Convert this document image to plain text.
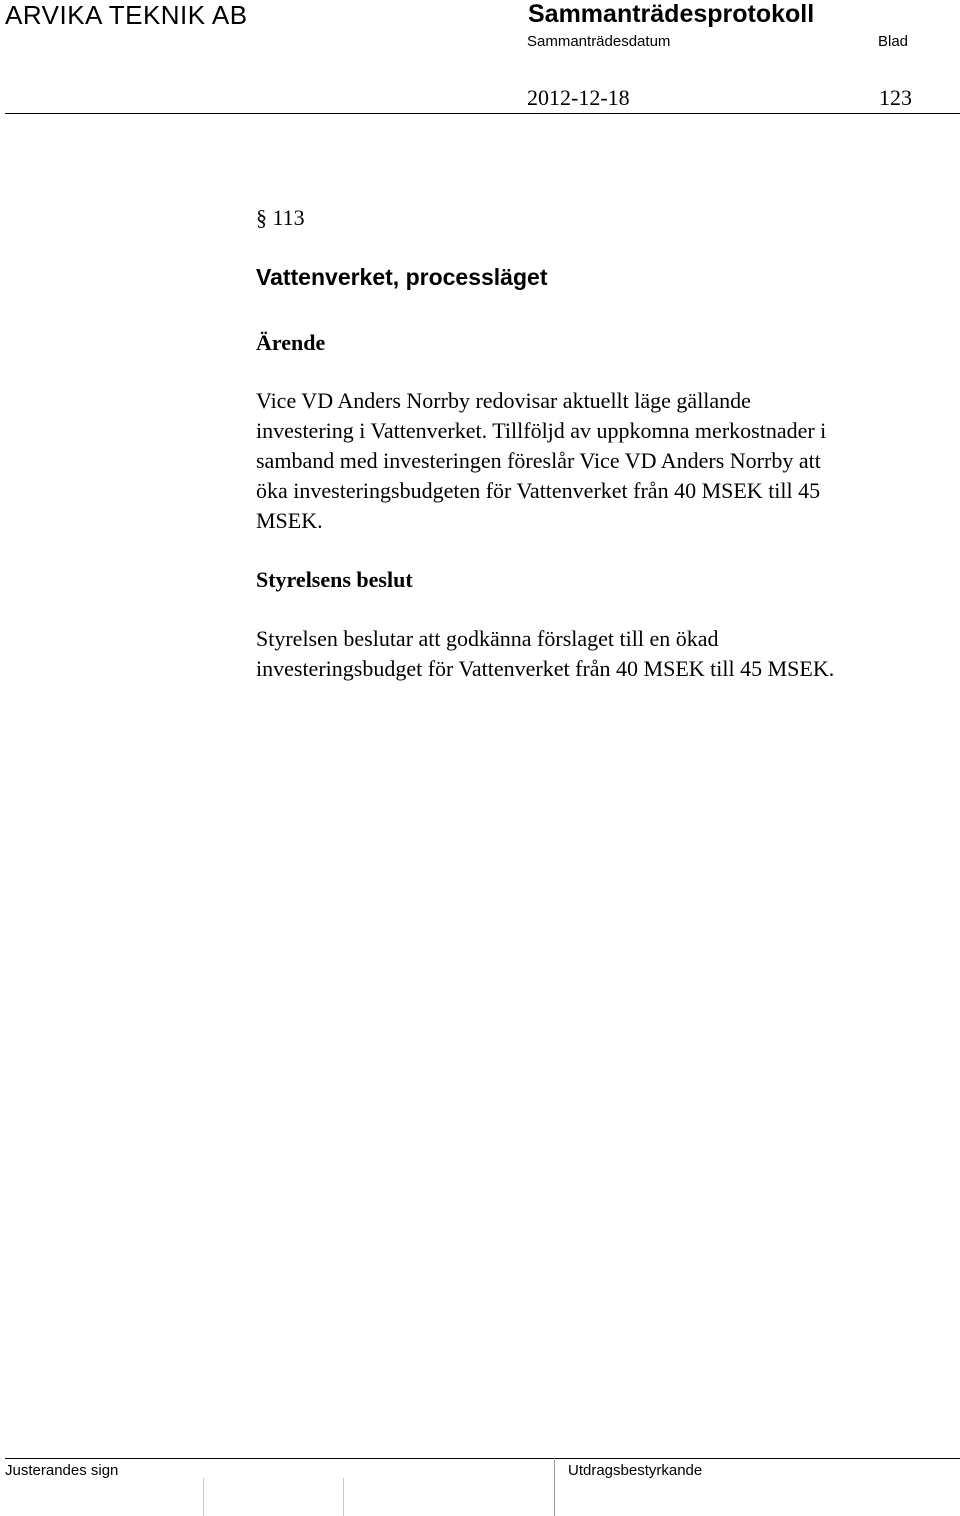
ARVIKA TEKNIK AB	Sammanträdesprotokoll
Sammanträdesdatum	Blad
2012-12-18	123
§ 113
Vattenverket, processläget
Ärende
Vice VD Anders Norrby redovisar aktuellt läge gällande
investering i Vattenverket. Tillföljd av uppkomna merkostnader i
samband med investeringen föreslår Vice VD Anders Norrby att
öka investeringsbudgeten för Vattenverket från 40 MSEK till 45
MSEK.
Styrelsens beslut
Styrelsen beslutar att godkänna förslaget till en ökad
investeringsbudget för Vattenverket från 40 MSEK till 45 MSEK.
Justerandes sign	Utdragsbestyrkande
